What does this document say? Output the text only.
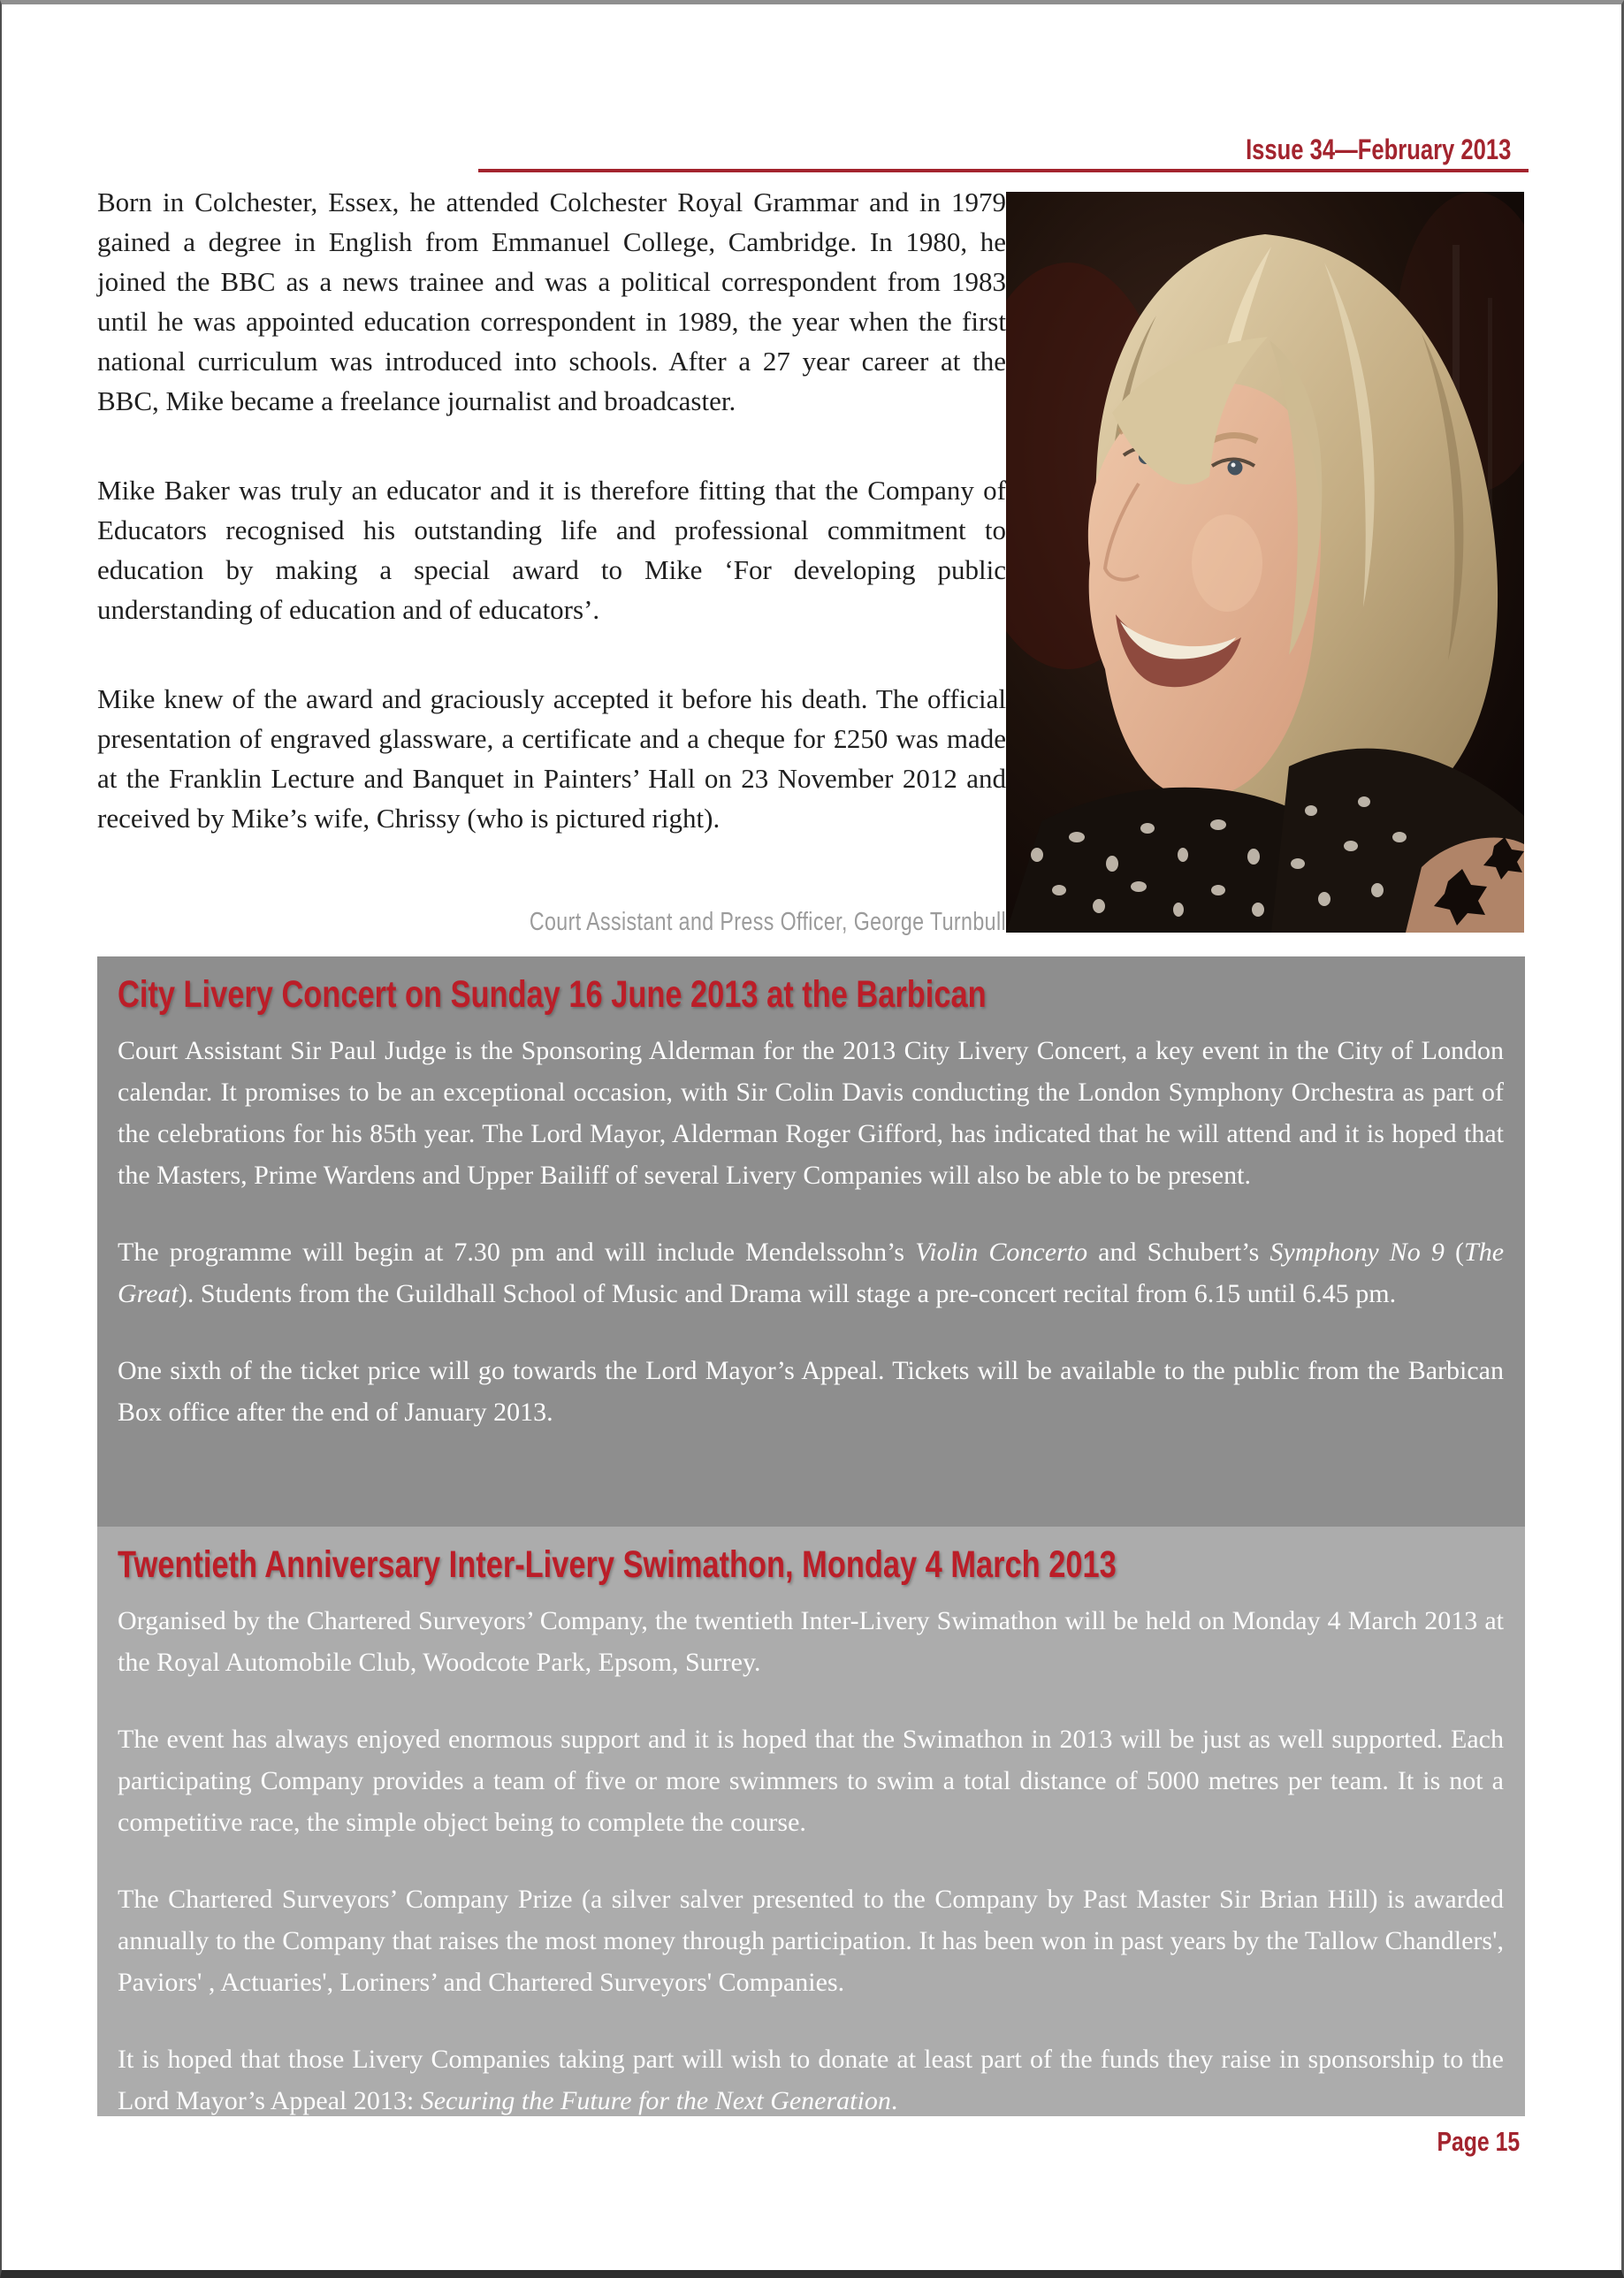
Issue 34—February 2013

Born in Colchester, Essex, he attended Colchester Royal Grammar and in 1979 gained a degree in English from Emmanuel College, Cambridge. In 1980, he joined the BBC as a news trainee and was a political correspondent from 1983 until he was appointed education correspondent in 1989, the year when the first national curriculum was introduced into schools. After a 27 year career at the BBC, Mike became a freelance journalist and broadcaster.

Mike Baker was truly an educator and it is therefore fitting that the Company of Educators recognised his outstanding life and professional commitment to education by making a special award to Mike ‘For developing public understanding of education and of educators’.

Mike knew of the award and graciously accepted it before his death. The official presentation of engraved glassware, a certificate and a cheque for £250 was made at the Franklin Lecture and Banquet in Painters’ Hall on 23 November 2012 and received by Mike’s wife, Chrissy (who is pictured right).

Court Assistant and Press Officer, George Turnbull
City Livery Concert on Sunday 16 June 2013 at the Barbican

Court Assistant Sir Paul Judge is the Sponsoring Alderman for the 2013 City Livery Concert, a key event in the City of London calendar. It promises to be an exceptional occasion, with Sir Colin Davis conducting the London Symphony Orchestra as part of the celebrations for his 85th year. The Lord Mayor, Alderman Roger Gifford, has indicated that he will attend and it is hoped that the Masters, Prime Wardens and Upper Bailiff of several Livery Companies will also be able to be present.

The programme will begin at 7.30 pm and will include Mendelssohn’s Violin Concerto and Schubert’s Symphony No 9 (The Great). Students from the Guildhall School of Music and Drama will stage a pre-concert recital from 6.15 until 6.45 pm.

One sixth of the ticket price will go towards the Lord Mayor’s Appeal. Tickets will be available to the public from the Barbican Box office after the end of January 2013.

Twentieth Anniversary Inter-Livery Swimathon, Monday 4 March 2013

Organised by the Chartered Surveyors’ Company, the twentieth Inter-Livery Swimathon will be held on Monday 4 March 2013 at the Royal Automobile Club, Woodcote Park, Epsom, Surrey.

The event has always enjoyed enormous support and it is hoped that the Swimathon in 2013 will be just as well supported. Each participating Company provides a team of five or more swimmers to swim a total distance of 5000 metres per team. It is not a competitive race, the simple object being to complete the course.

The Chartered Surveyors’ Company Prize (a silver salver presented to the Company by Past Master Sir Brian Hill) is awarded annually to the Company that raises the most money through participation. It has been won in past years by the Tallow Chandlers', Paviors' , Actuaries', Loriners’ and Chartered Surveyors' Companies.

It is hoped that those Livery Companies taking part will wish to donate at least part of the funds they raise in sponsorship to the Lord Mayor’s Appeal 2013: Securing the Future for the Next Generation.

Page 15
